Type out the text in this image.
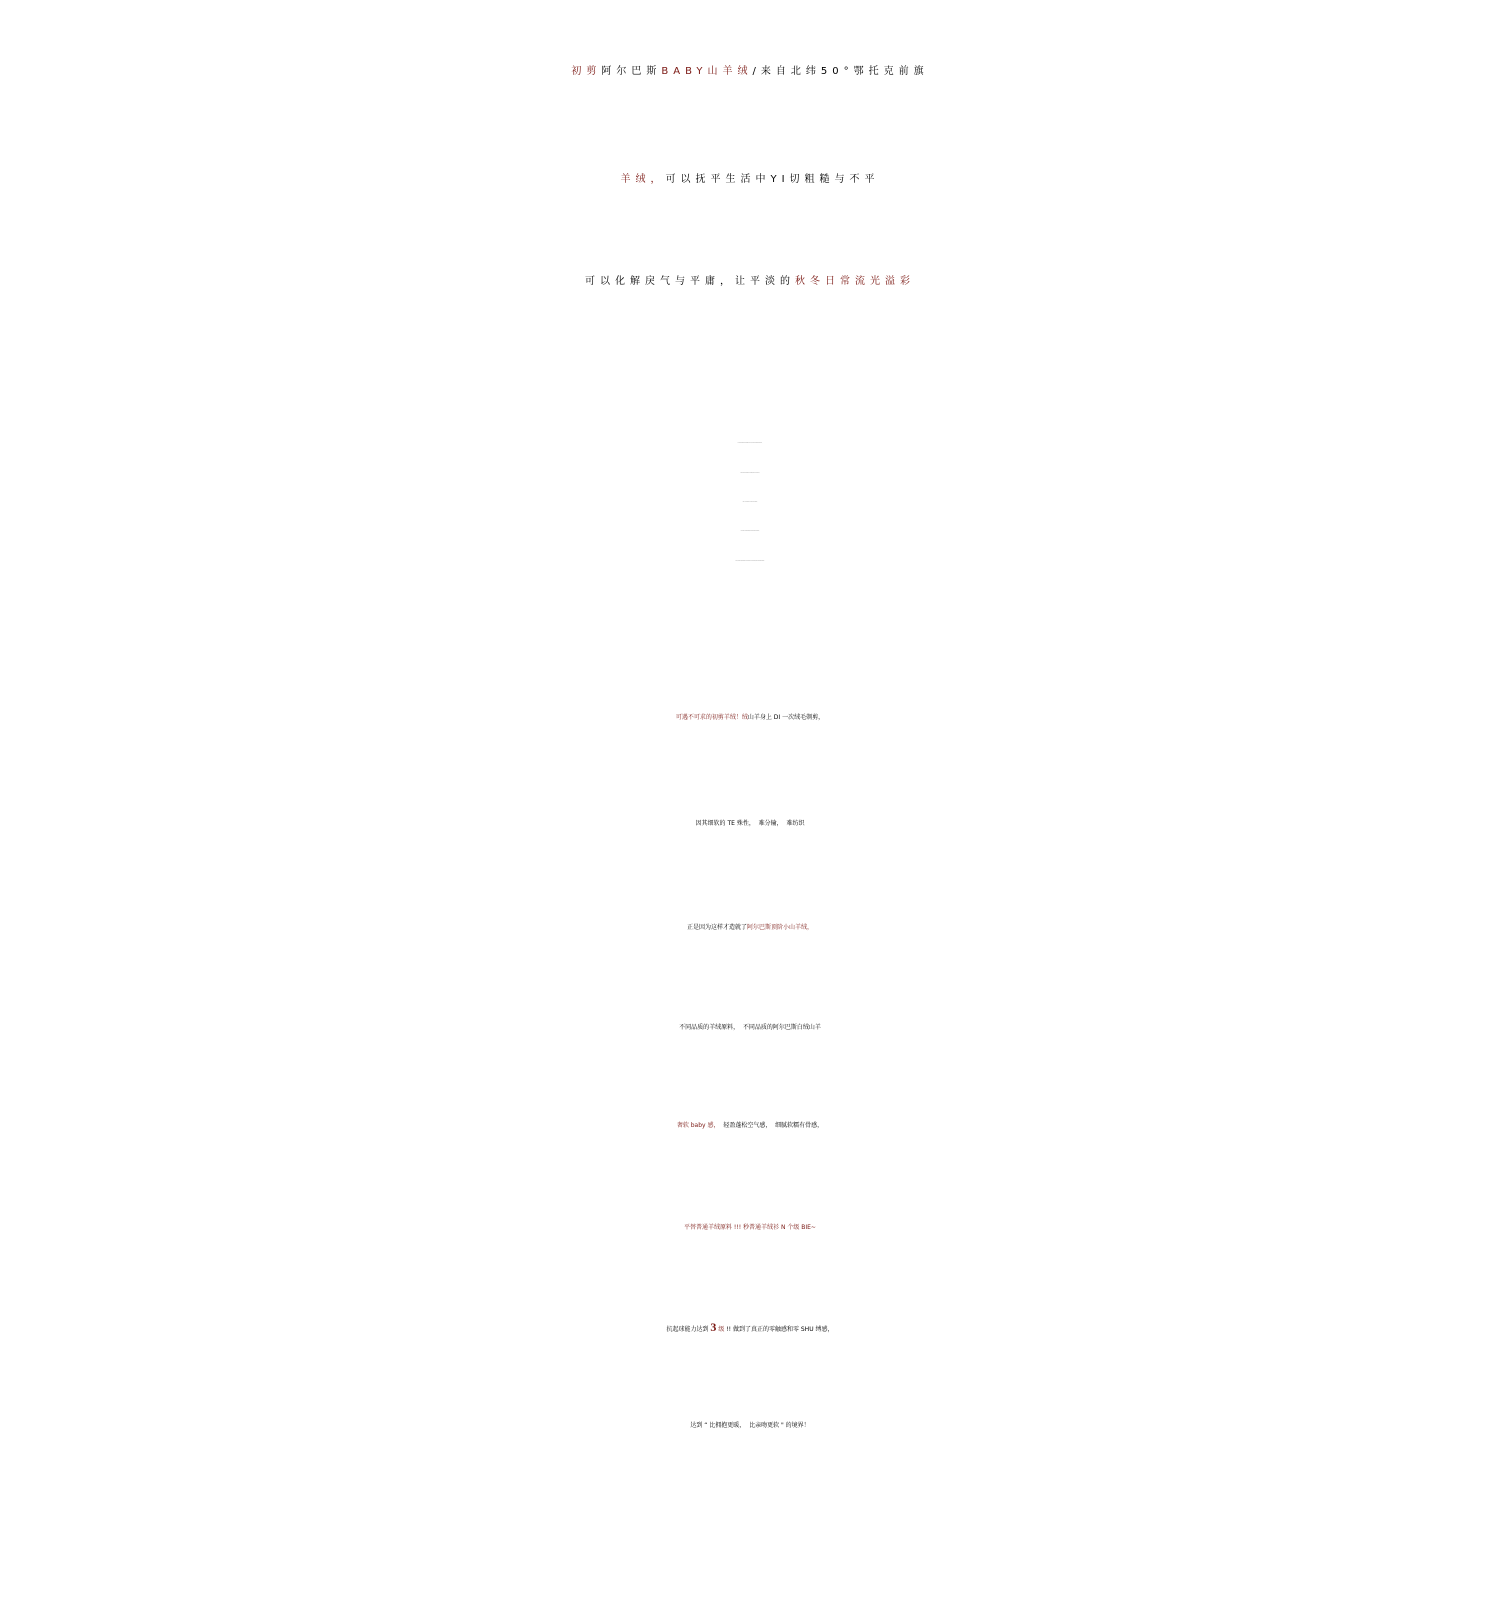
初剪阿尔巴斯BABY山羊绒/来自北纬50°鄂托克前旗
羊绒，可以抚平生活中YI切粗糙与不平
可以化解戾气与平庸，让平淡的秋冬日常流光溢彩
可遇不可求的初剪羊绒！绒山羊身上 DI 一次绒毛剃剪，
因其细软的 TE 殊性，  难分输，  难纺织
正是因为这样才造就了阿尔巴斯顶阶小山羊绒，
不同品质的羊绒原料，  不同品质的阿尔巴斯白绒山羊
奢软 baby 感，  轻盈蓬松空气感，  细腻软糯有骨感，
平替普通羊绒原料 !!! 秒普通羊绒衫 N 个级 BIE~
抗起球能力达到 3 级 !! 做到了真正的零触感和零 SHU 缚感，
达到 “ 比拥抱更暖，  比亲吻更软 " 的境界！
